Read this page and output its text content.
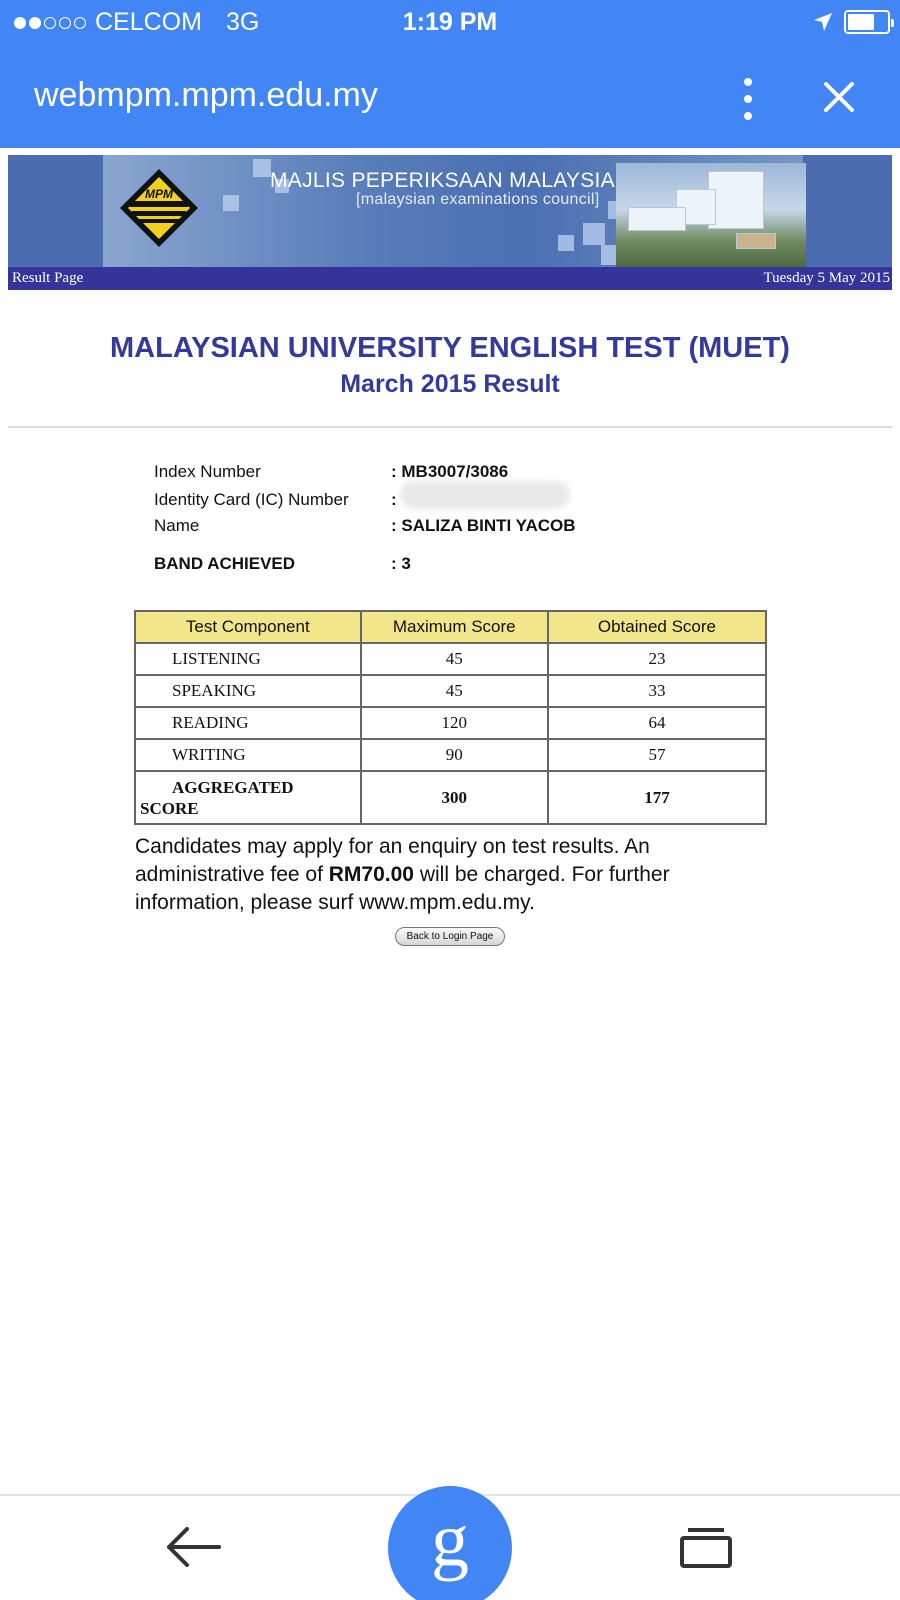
CELCOM 3G	1:19 PM
webmpm.mpm.edu.my
MPM
MAJLIS PEPERIKSAAN MALAYSIA
[malaysian examinations council]
Result Page	Tuesday 5 May 2015
MALAYSIAN UNIVERSITY ENGLISH TEST (MUET)
March 2015 Result
Index Number	: MB3007/3086
Identity Card (IC) Number :
Name	: SALIZA BINTI YACOB
BAND ACHIEVED	: 3
Test Component	Maximum Score	Obtained Score
LISTENING	45	23
SPEAKING	45	33
READING	120	64
WRITING	90	57

AGGREGATED
SCORE	300	177
Candidates may apply for an enquiry on test results. An administrative fee of RM70.00 will be charged. For further information, please surf www.mpm.edu.my.
Back to Login Page
g
